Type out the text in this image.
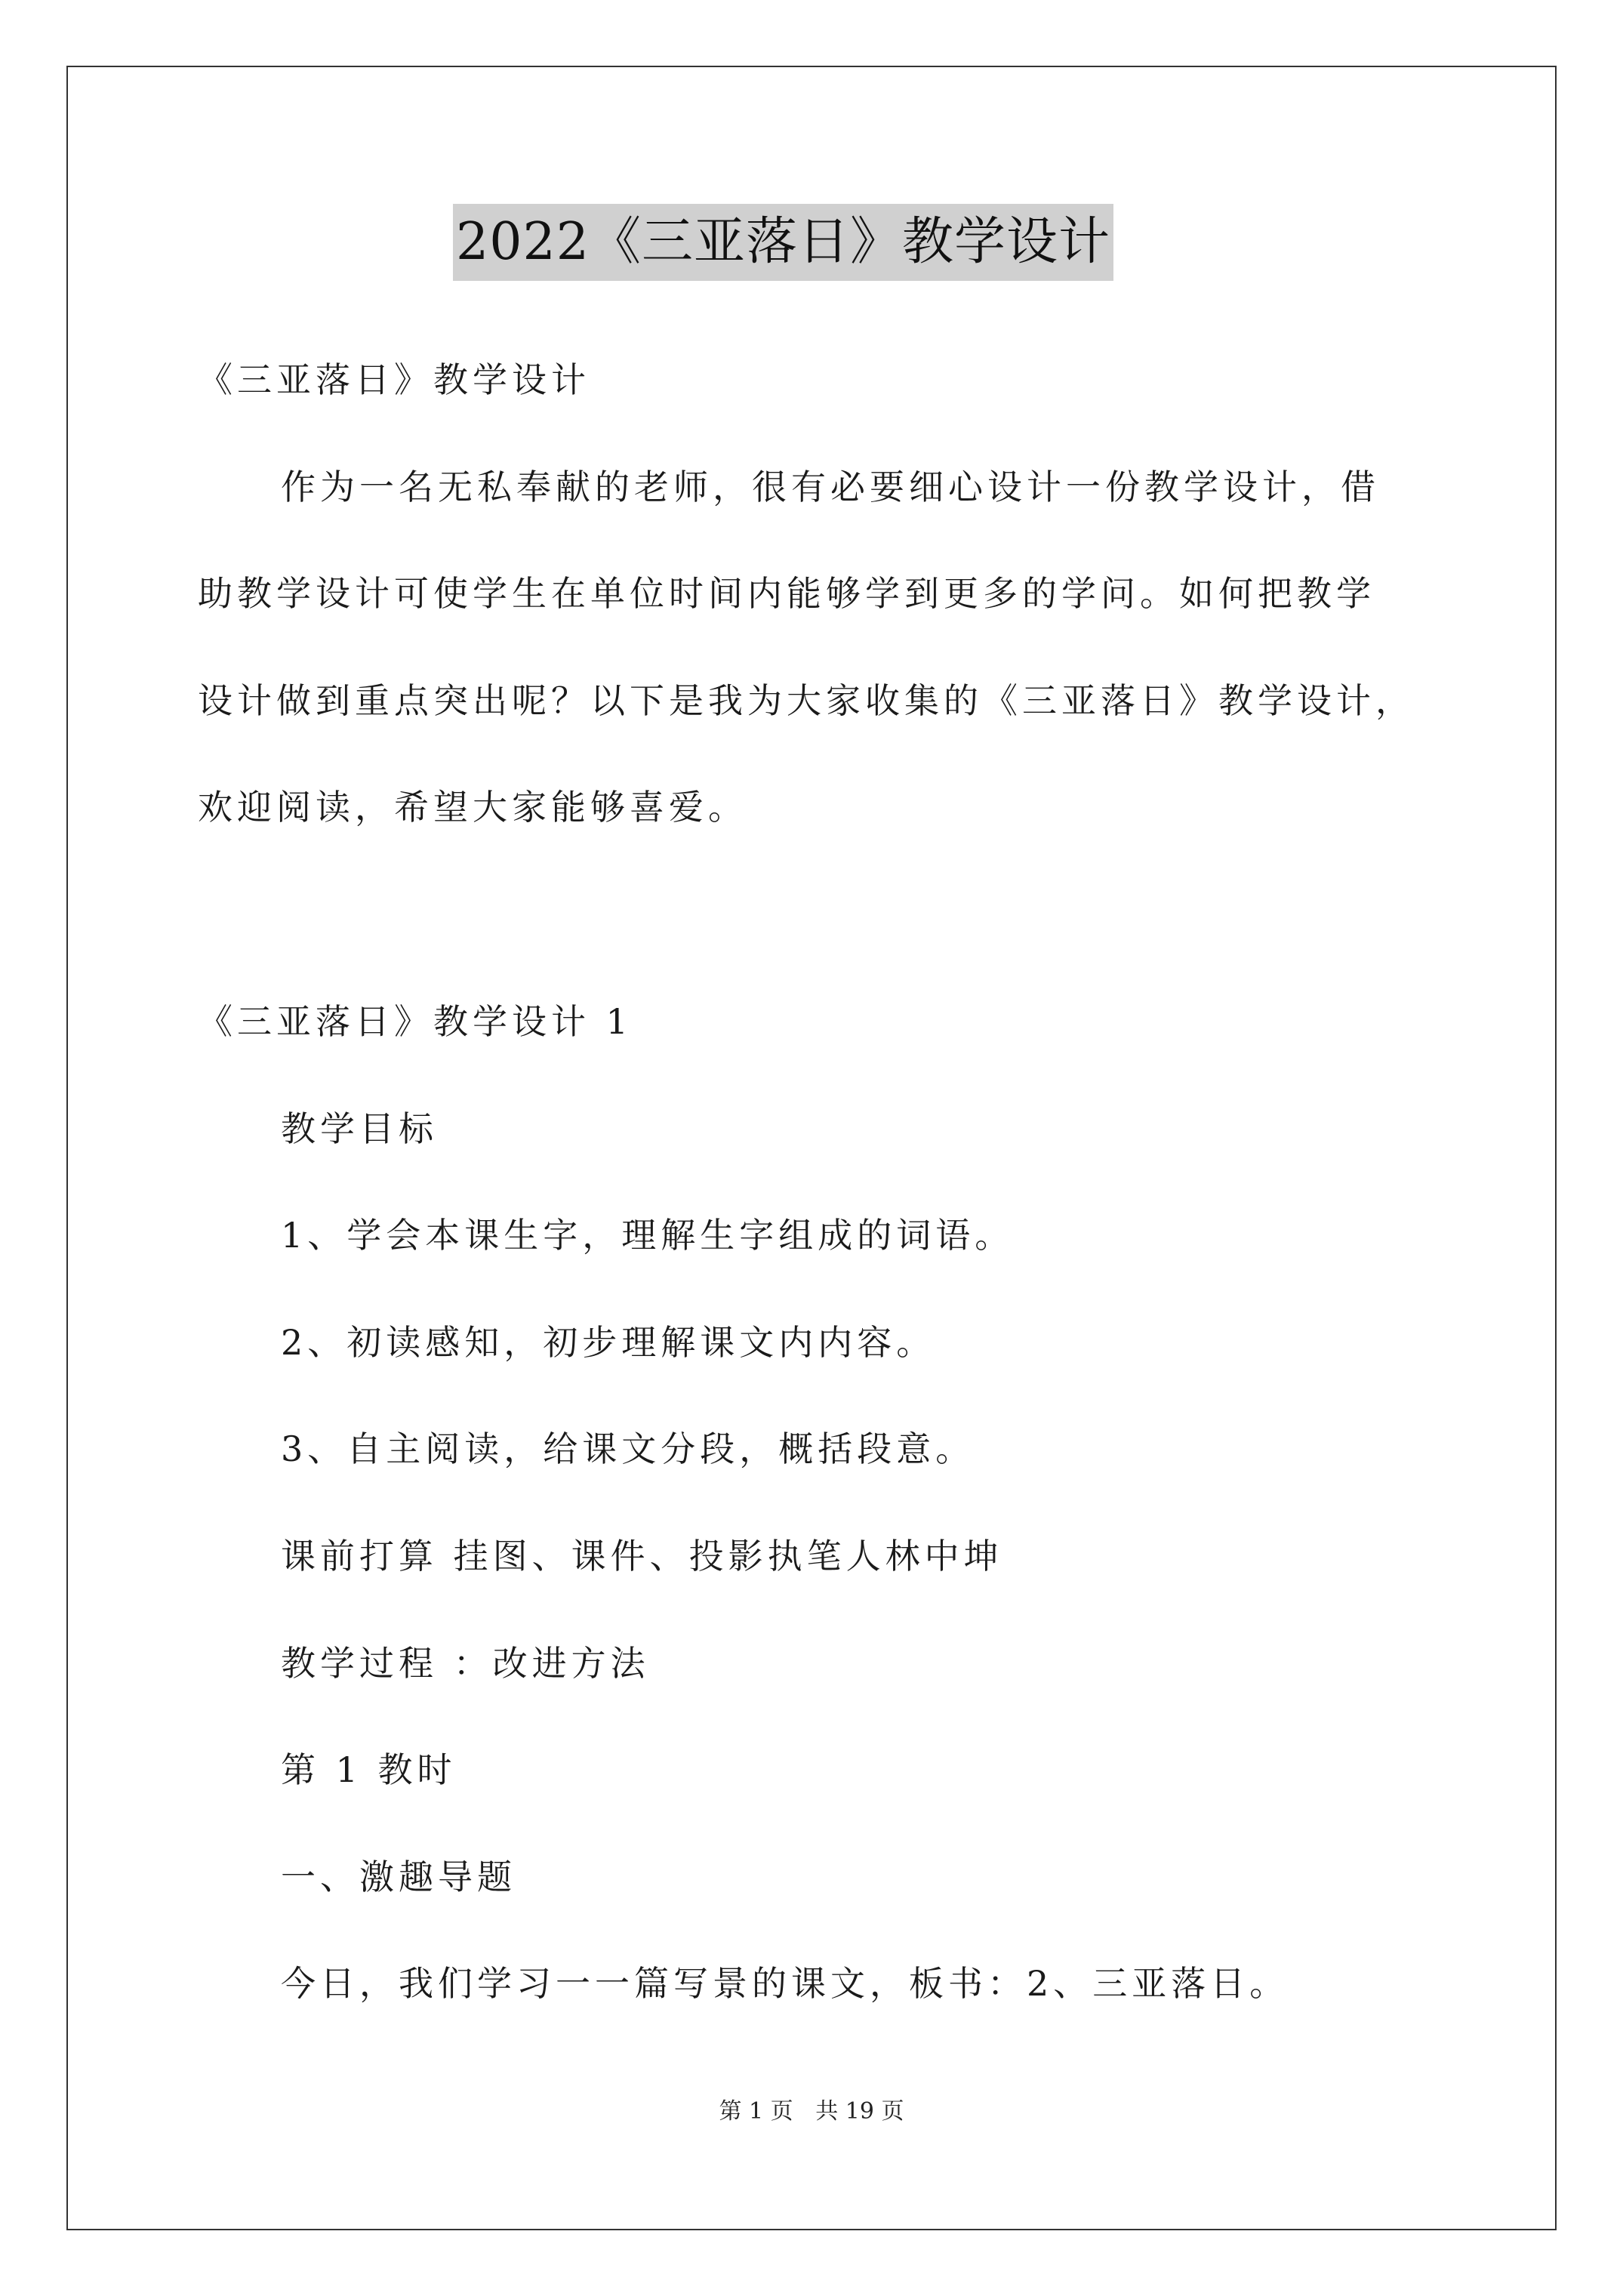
2022《三亚落日》教学设计
《三亚落日》教学设计
作为一名无私奉献的老师，很有必要细心设计一份教学设计，借
助教学设计可使学生在单位时间内能够学到更多的学问。如何把教学
设计做到重点突出呢？以下是我为大家收集的《三亚落日》教学设计，
欢迎阅读，希望大家能够喜爱。
《三亚落日》教学设计 1
教学目标
1、学会本课生字，理解生字组成的词语。
2、初读感知，初步理解课文内内容。
3、自主阅读，给课文分段，概括段意。
课前打算 挂图、课件、投影执笔人林中坤
教学过程 ：改进方法
第 1 教时
一、激趣导题
今日，我们学习一一篇写景的课文，板书：2、三亚落日。
第 1 页 共 19 页
